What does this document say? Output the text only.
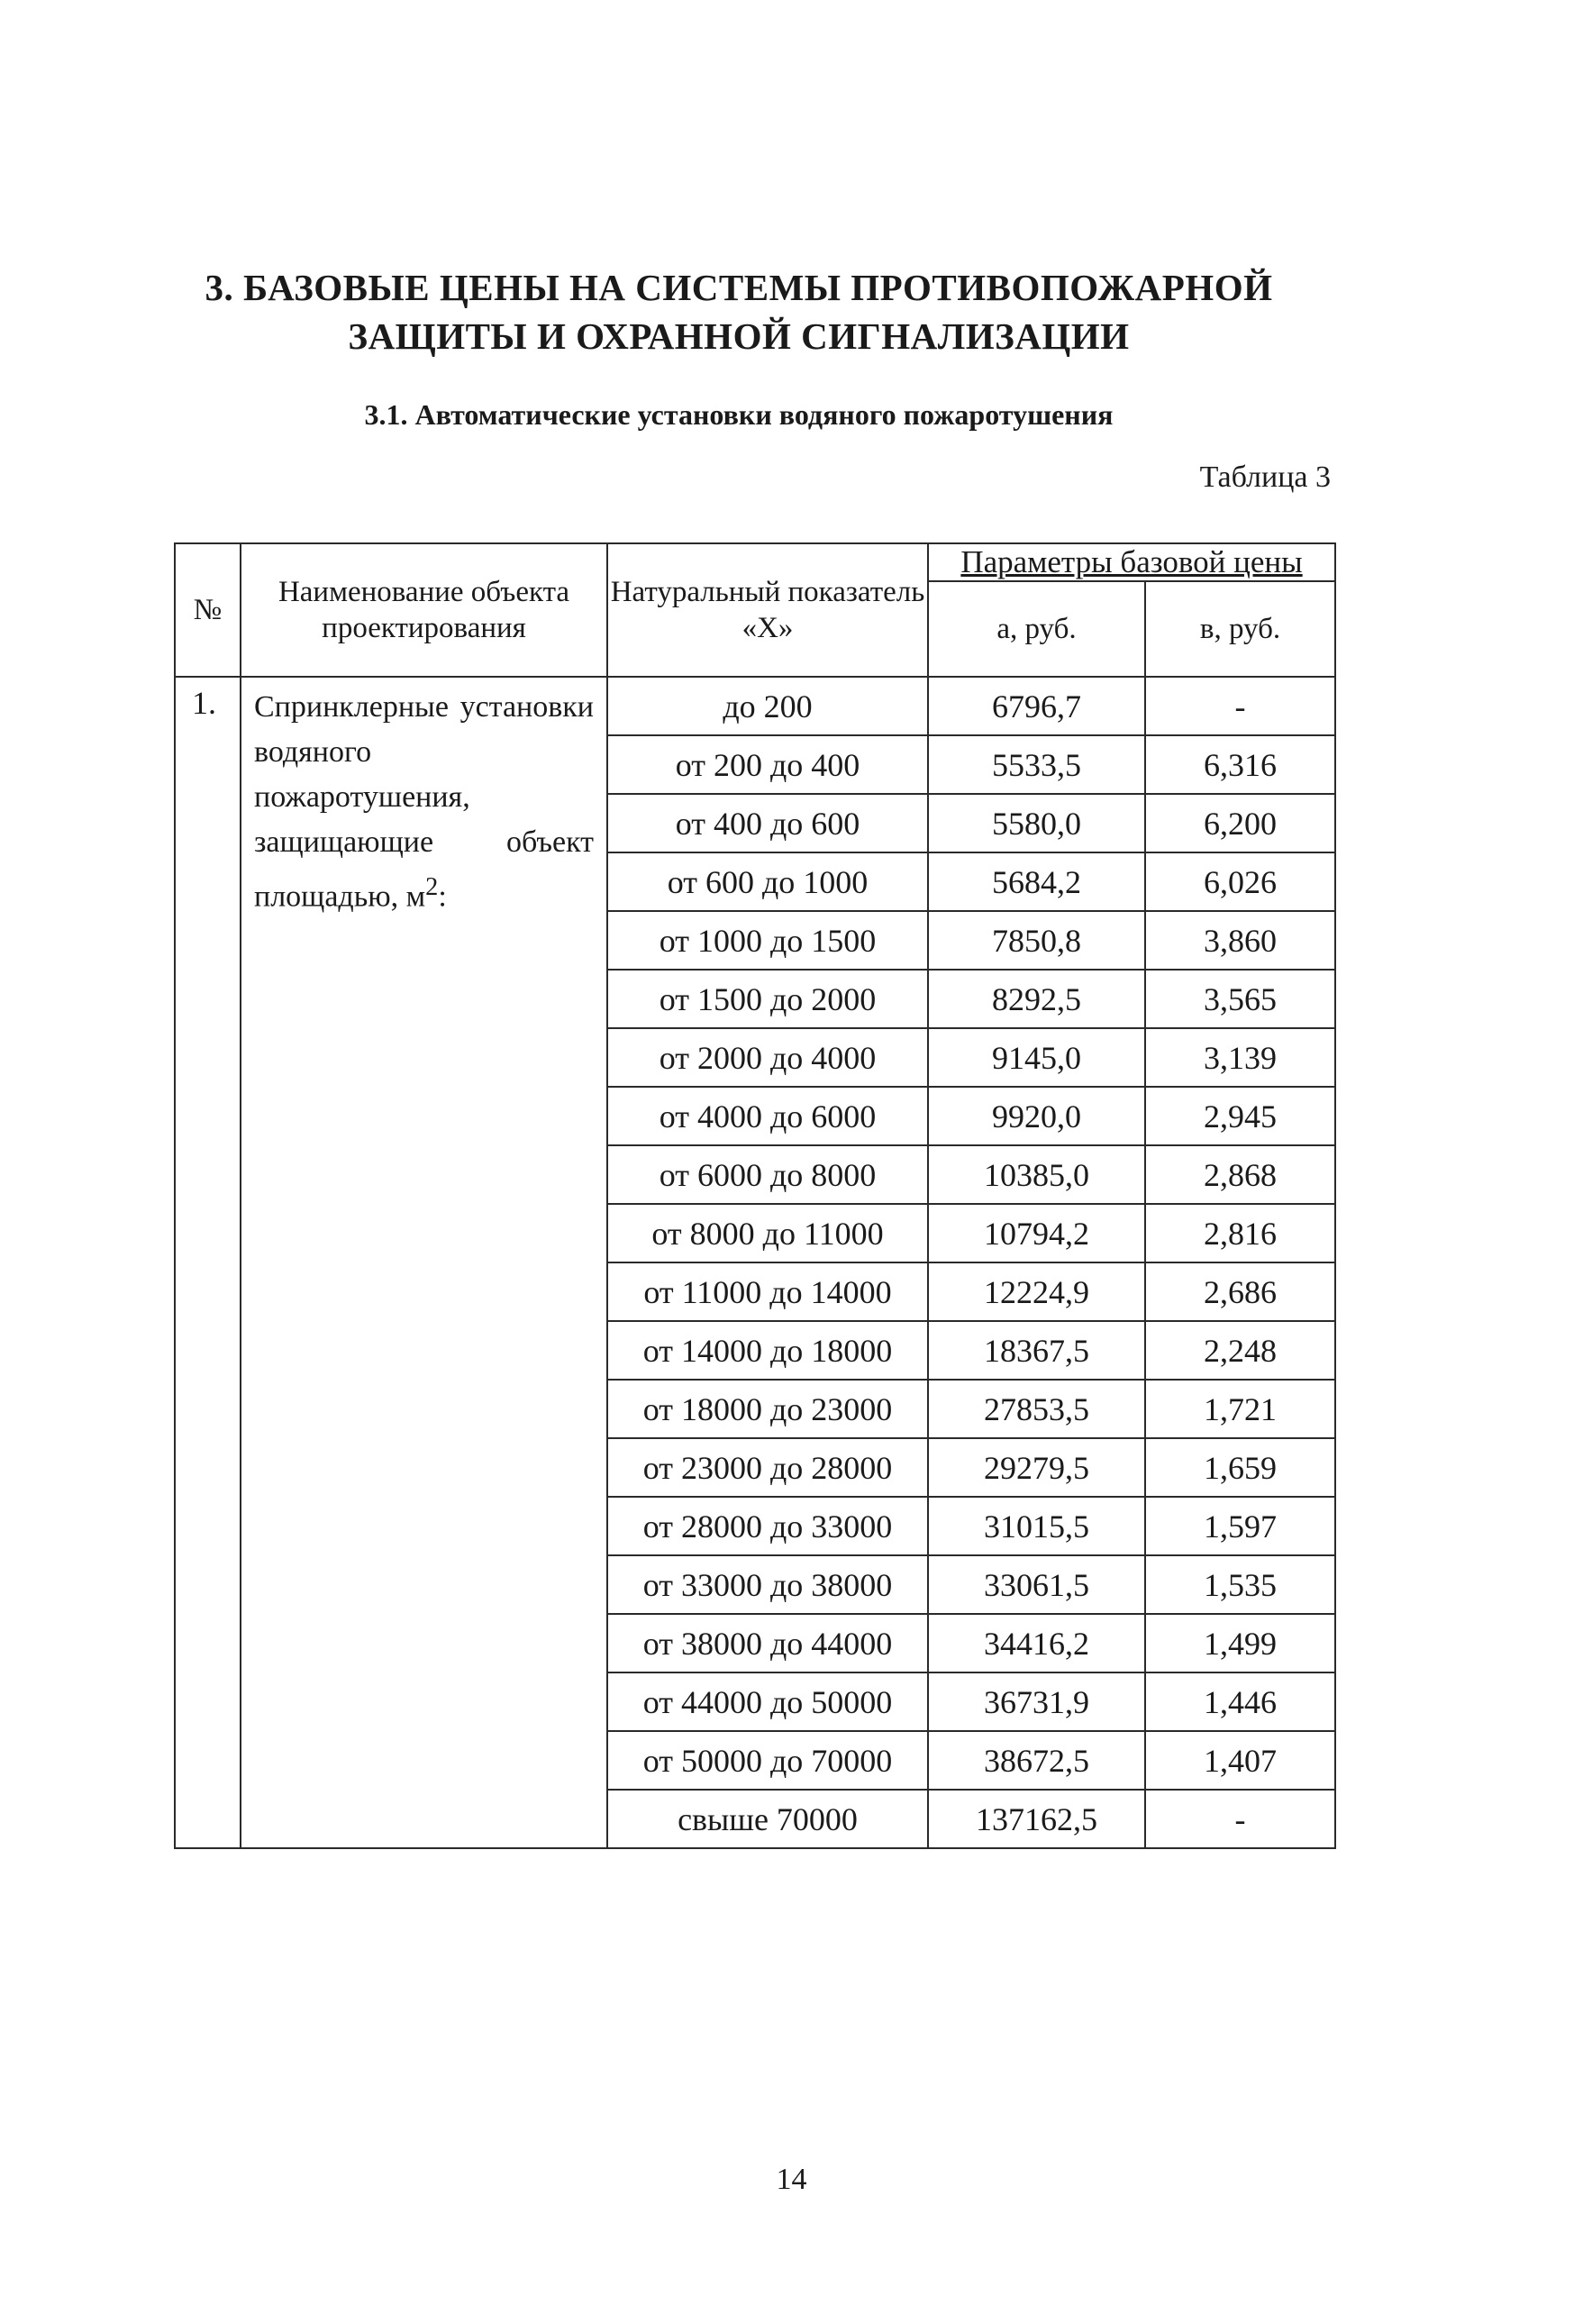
3. БАЗОВЫЕ ЦЕНЫ НА СИСТЕМЫ ПРОТИВОПОЖАРНОЙ
ЗАЩИТЫ И ОХРАННОЙ СИГНАЛИЗАЦИИ
3.1. Автоматические установки водяного пожаротушения
Таблица 3
№	Наименование объекта проектирования	Натуральный показатель «Х»	Параметры базовой цены	
			а, руб.	в, руб.
1.	Спринклерные установки водяного пожаротушения, защищающие объект площадью, $м^2$:	до 200	6796,7	-
		от 200 до 400	5533,5	6,316
		от 400 до 600	5580,0	6,200
		от 600 до 1000	5684,2	6,026
		от 1000 до 1500	7850,8	3,860
		от 1500 до 2000	8292,5	3,565
		от 2000 до 4000	9145,0	3,139
		от 4000 до 6000	9920,0	2,945
		от 6000 до 8000	10385,0	2,868
		от 8000 до 11000	10794,2	2,816
		от 11000 до 14000	12224,9	2,686
		от 14000 до 18000	18367,5	2,248
		от 18000 до 23000	27853,5	1,721
		от 23000 до 28000	29279,5	1,659
		от 28000 до 33000	31015,5	1,597
		от 33000 до 38000	33061,5	1,535
		от 38000 до 44000	34416,2	1,499
		от 44000 до 50000	36731,9	1,446
		от 50000 до 70000	38672,5	1,407
		свыше 70000	137162,5	-
14
